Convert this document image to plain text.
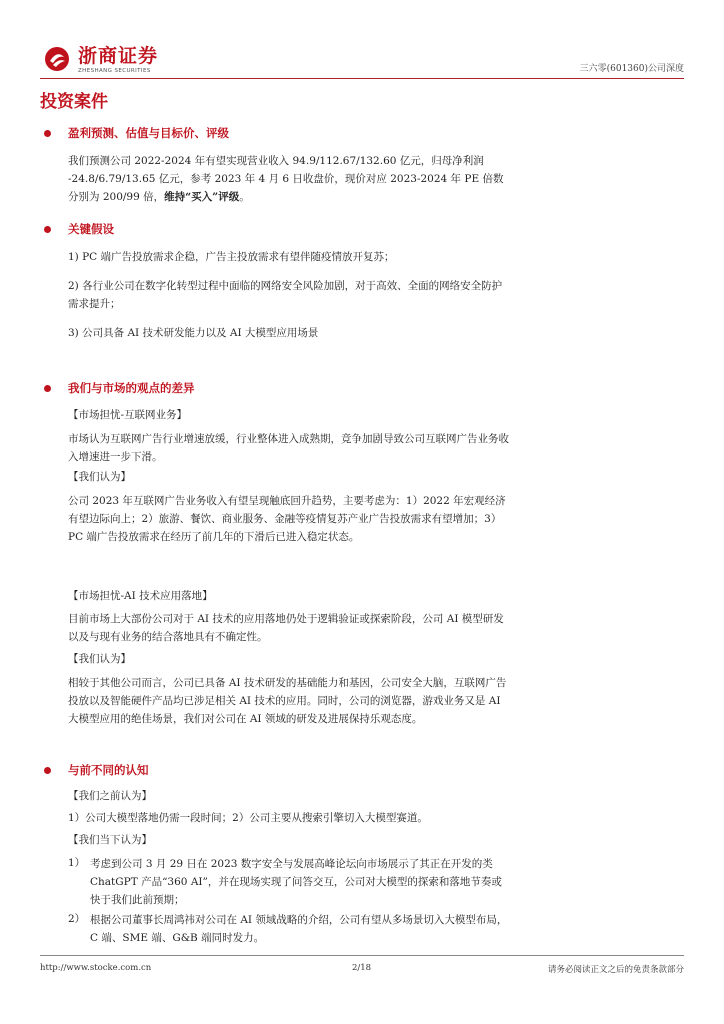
浙商证券
ZHESHANG SECURITIES	三六零(601360)公司深度
投资案件
盈利预测、估值与目标价、评级
我们预测公司 2022-2024 年有望实现营业收入 94.9/112.67/132.60 亿元，归母净利润 -24.8/6.79/13.65 亿元，参考 2023 年 4 月 6 日收盘价，现价对应 2023-2024 年 PE 倍数分别为 200/99 倍，维持“买入”评级。
关键假设
1) PC 端广告投放需求企稳，广告主投放需求有望伴随疫情放开复苏；
2) 各行业公司在数字化转型过程中面临的网络安全风险加剧，对于高效、全面的网络安全防护需求提升；
3) 公司具备 AI 技术研发能力以及 AI 大模型应用场景
我们与市场的观点的差异
【市场担忧-互联网业务】
市场认为互联网广告行业增速放缓，行业整体进入成熟期，竞争加剧导致公司互联网广告业务收入增速进一步下滑。
【我们认为】
公司 2023 年互联网广告业务收入有望呈现触底回升趋势，主要考虑为：1）2022 年宏观经济有望边际向上；2）旅游、餐饮、商业服务、金融等疫情复苏产业广告投放需求有望增加；3）PC 端广告投放需求在经历了前几年的下滑后已进入稳定状态。
【市场担忧-AI 技术应用落地】
目前市场上大部份公司对于 AI 技术的应用落地仍处于逻辑验证或探索阶段，公司 AI 模型研发以及与现有业务的结合落地具有不确定性。
【我们认为】
相较于其他公司而言，公司已具备 AI 技术研发的基础能力和基因，公司安全大脑，互联网广告投放以及智能硬件产品均已涉足相关 AI 技术的应用。同时，公司的浏览器，游戏业务又是 AI 大模型应用的绝佳场景，我们对公司在 AI 领域的研发及进展保持乐观态度。
与前不同的认知
【我们之前认为】
1）公司大模型落地仍需一段时间；2）公司主要从搜索引擎切入大模型赛道。
【我们当下认为】
1） 考虑到公司 3 月 29 日在 2023 数字安全与发展高峰论坛向市场展示了其正在开发的类 ChatGPT 产品“360 AI”，并在现场实现了问答交互，公司对大模型的探索和落地节奏或快于我们此前预期；
2） 根据公司董事长周鸿祎对公司在 AI 领域战略的介绍，公司有望从多场景切入大模型布局，C 端、SME 端、G&B 端同时发力。
http://www.stocke.com.cn	2/18	请务必阅读正文之后的免责条款部分
